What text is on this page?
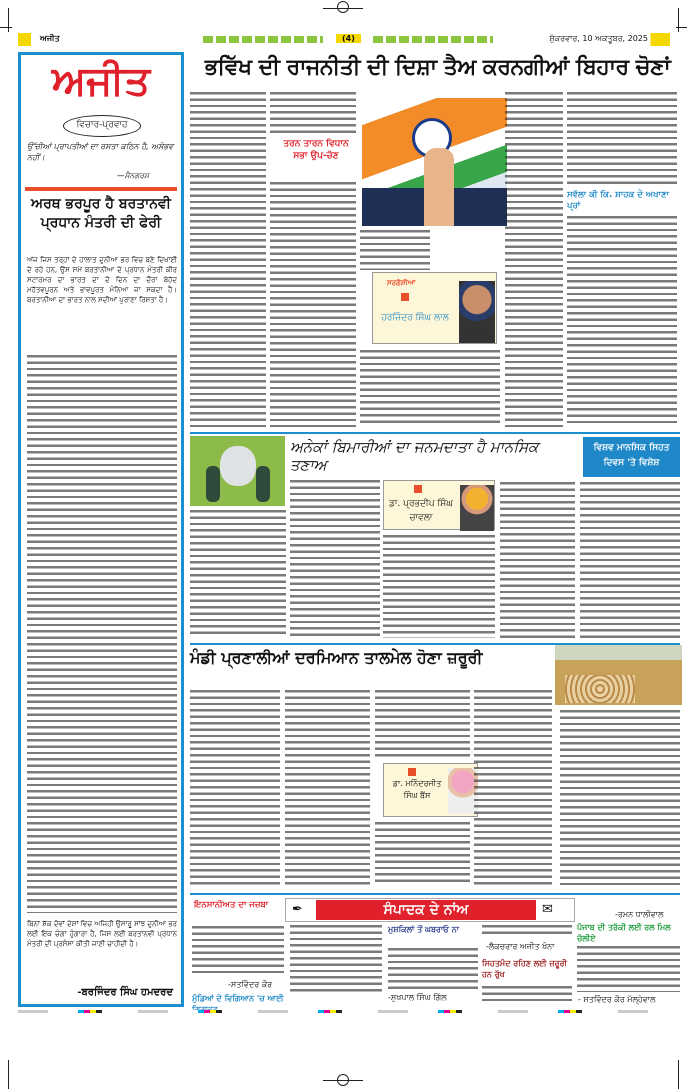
ਅਜੀਤ	(4)	ਸ਼ੁੱਕਰਵਾਰ, 10 ਅਕਤੂਬਰ, 2025
ਅਜੀਤ
ਵਿਚਾਰ-ਪ੍ਰਵਾਹ
ਉੱਚੀਆਂ ਪ੍ਰਾਪਤੀਆਂ ਦਾ ਰਸਤਾ ਕਠਿਨ ਹੈ, ਅਸੰਭਵ ਨਹੀਂ।
—ਸੈਨਗਰਸ
ਅਰਥ ਭਰਪੂਰ ਹੈ ਬਰਤਾਨਵੀ ਪ੍ਰਧਾਨ ਮੰਤਰੀ ਦੀ ਫੇਰੀ
ਅੱਜ ਜਿਸ ਤਰ੍ਹਾਂ ਦੇ ਹਾਲਾਤ ਦੁਨੀਆ ਭਰ ਵਿਚ ਬਣੇ ਦਿਖਾਈ ਦੇ ਰਹੇ ਹਨ, ਉਸ ਸਮੇਂ ਬਰਤਾਨੀਆ ਦੇ ਪ੍ਰਧਾਨ ਮੰਤਰੀ ਕੀਰ ਸਟਾਰਮਰ ਦਾ ਭਾਰਤ ਦਾ ਦੋ ਦਿਨ ਦਾ ਦੌਰਾ ਬੇਹੱਦ ਮਹੱਤਵਪੂਰਨ ਅਤੇ ਭਾਵਪੂਰਤ ਮੰਨਿਆ ਜਾ ਸਕਦਾ ਹੈ। ਬਰਤਾਨੀਆ ਦਾ ਭਾਰਤ ਨਾਲ ਸਦੀਆਂ ਪੁਰਾਣਾ ਰਿਸ਼ਤਾ ਹੈ।
ਬਿਨਾਂ ਸ਼ੱਕ ਦੋਵਾਂ ਦੇਸ਼ਾਂ ਵਿਚ ਅਜਿਹੀ ਉਸਾਰੂ ਸਾਂਝ ਦੁਨੀਆ ਭਰ ਲਈ ਇਕ ਚੰਗਾ ਹੁੰਗਾਰਾ ਹੈ, ਜਿਸ ਲਈ ਬਰਤਾਨਵੀ ਪ੍ਰਧਾਨ ਮੰਤਰੀ ਦੀ ਪ੍ਰਸੰਸਾ ਕੀਤੀ ਜਾਣੀ ਚਾਹੀਦੀ ਹੈ।
-ਬਰਜਿੰਦਰ ਸਿੰਘ ਹਮਦਰਦ
ਭਵਿੱਖ ਦੀ ਰਾਜਨੀਤੀ ਦੀ ਦਿਸ਼ਾ ਤੈਅ ਕਰਨਗੀਆਂ ਬਿਹਾਰ ਚੋਣਾਂ
ਤਰਨ ਤਾਰਨ ਵਿਧਾਨ ਸਭਾ ਉਪ-ਚੋਣ
ਸਰਗੋਸ਼ੀਆਂ
ਹਰਜਿੰਦਰ ਸਿੰਘ ਲਾਲ
ਸਵੱਲਾ ਕੀ ਕਿ. ਸ਼ਾਹਕ ਦੇ ਅਖਾਣਾ ਪ੍ਰਾਂ
ਅਨੇਕਾਂ ਬਿਮਾਰੀਆਂ ਦਾ ਜਨਮਦਾਤਾ ਹੈ ਮਾਨਸਿਕ ਤਣਾਅ
ਵਿਸ਼ਵ ਮਾਨਸਿਕ ਸਿਹਤ ਦਿਵਸ 'ਤੇ ਵਿਸ਼ੇਸ਼
ਡਾ. ਪ੍ਰਭਦੀਪ ਸਿੰਘ ਚਾਵਲਾ
ਮੰਡੀ ਪ੍ਰਣਾਲੀਆਂ ਦਰਮਿਆਨ ਤਾਲਮੇਲ ਹੋਣਾ ਜ਼ਰੂਰੀ
ਡਾ. ਮਨਿੰਦਰਜੀਤ ਸਿੰਘ ਬੈਂਸ
✒	ਸੰਪਾਦਕ ਦੇ ਨਾਂਅ	✉
ਇਨਸਾਨੀਅਤ ਦਾ ਜਜ਼ਬਾ
-ਸਤਵਿੰਦਰ ਕੌਰ
ਮੁੰਡਿਆਂ ਦੇ ਵਿਗਿਆਨ 'ਚ ਆਈ
ਮੁਸ਼ਕਿਲਾਂ ਤੋਂ ਘਬਰਾਓ ਨਾ
-ਸੁਖਪਾਲ ਸਿੰਘ ਗਿੱਲ
-ਲੈਕਚਰਾਰ ਅਜੀਤ ਖੰਨਾ
ਸਿਹਤਮੰਦ ਰਹਿਣ ਲਈ ਜ਼ਰੂਰੀ ਹਨ ਰੁੱਖ
-ਰਮਨ ਧਾਲੀਵਾਲ
ਪੰਜਾਬ ਦੀ ਤਰੱਕੀ ਲਈ ਰਲ ਮਿਲ ਚੱਲੀਏ
- ਸਤਵਿੰਦਰ ਕੌਰ ਮੱਲ੍ਹੇਵਾਲ
